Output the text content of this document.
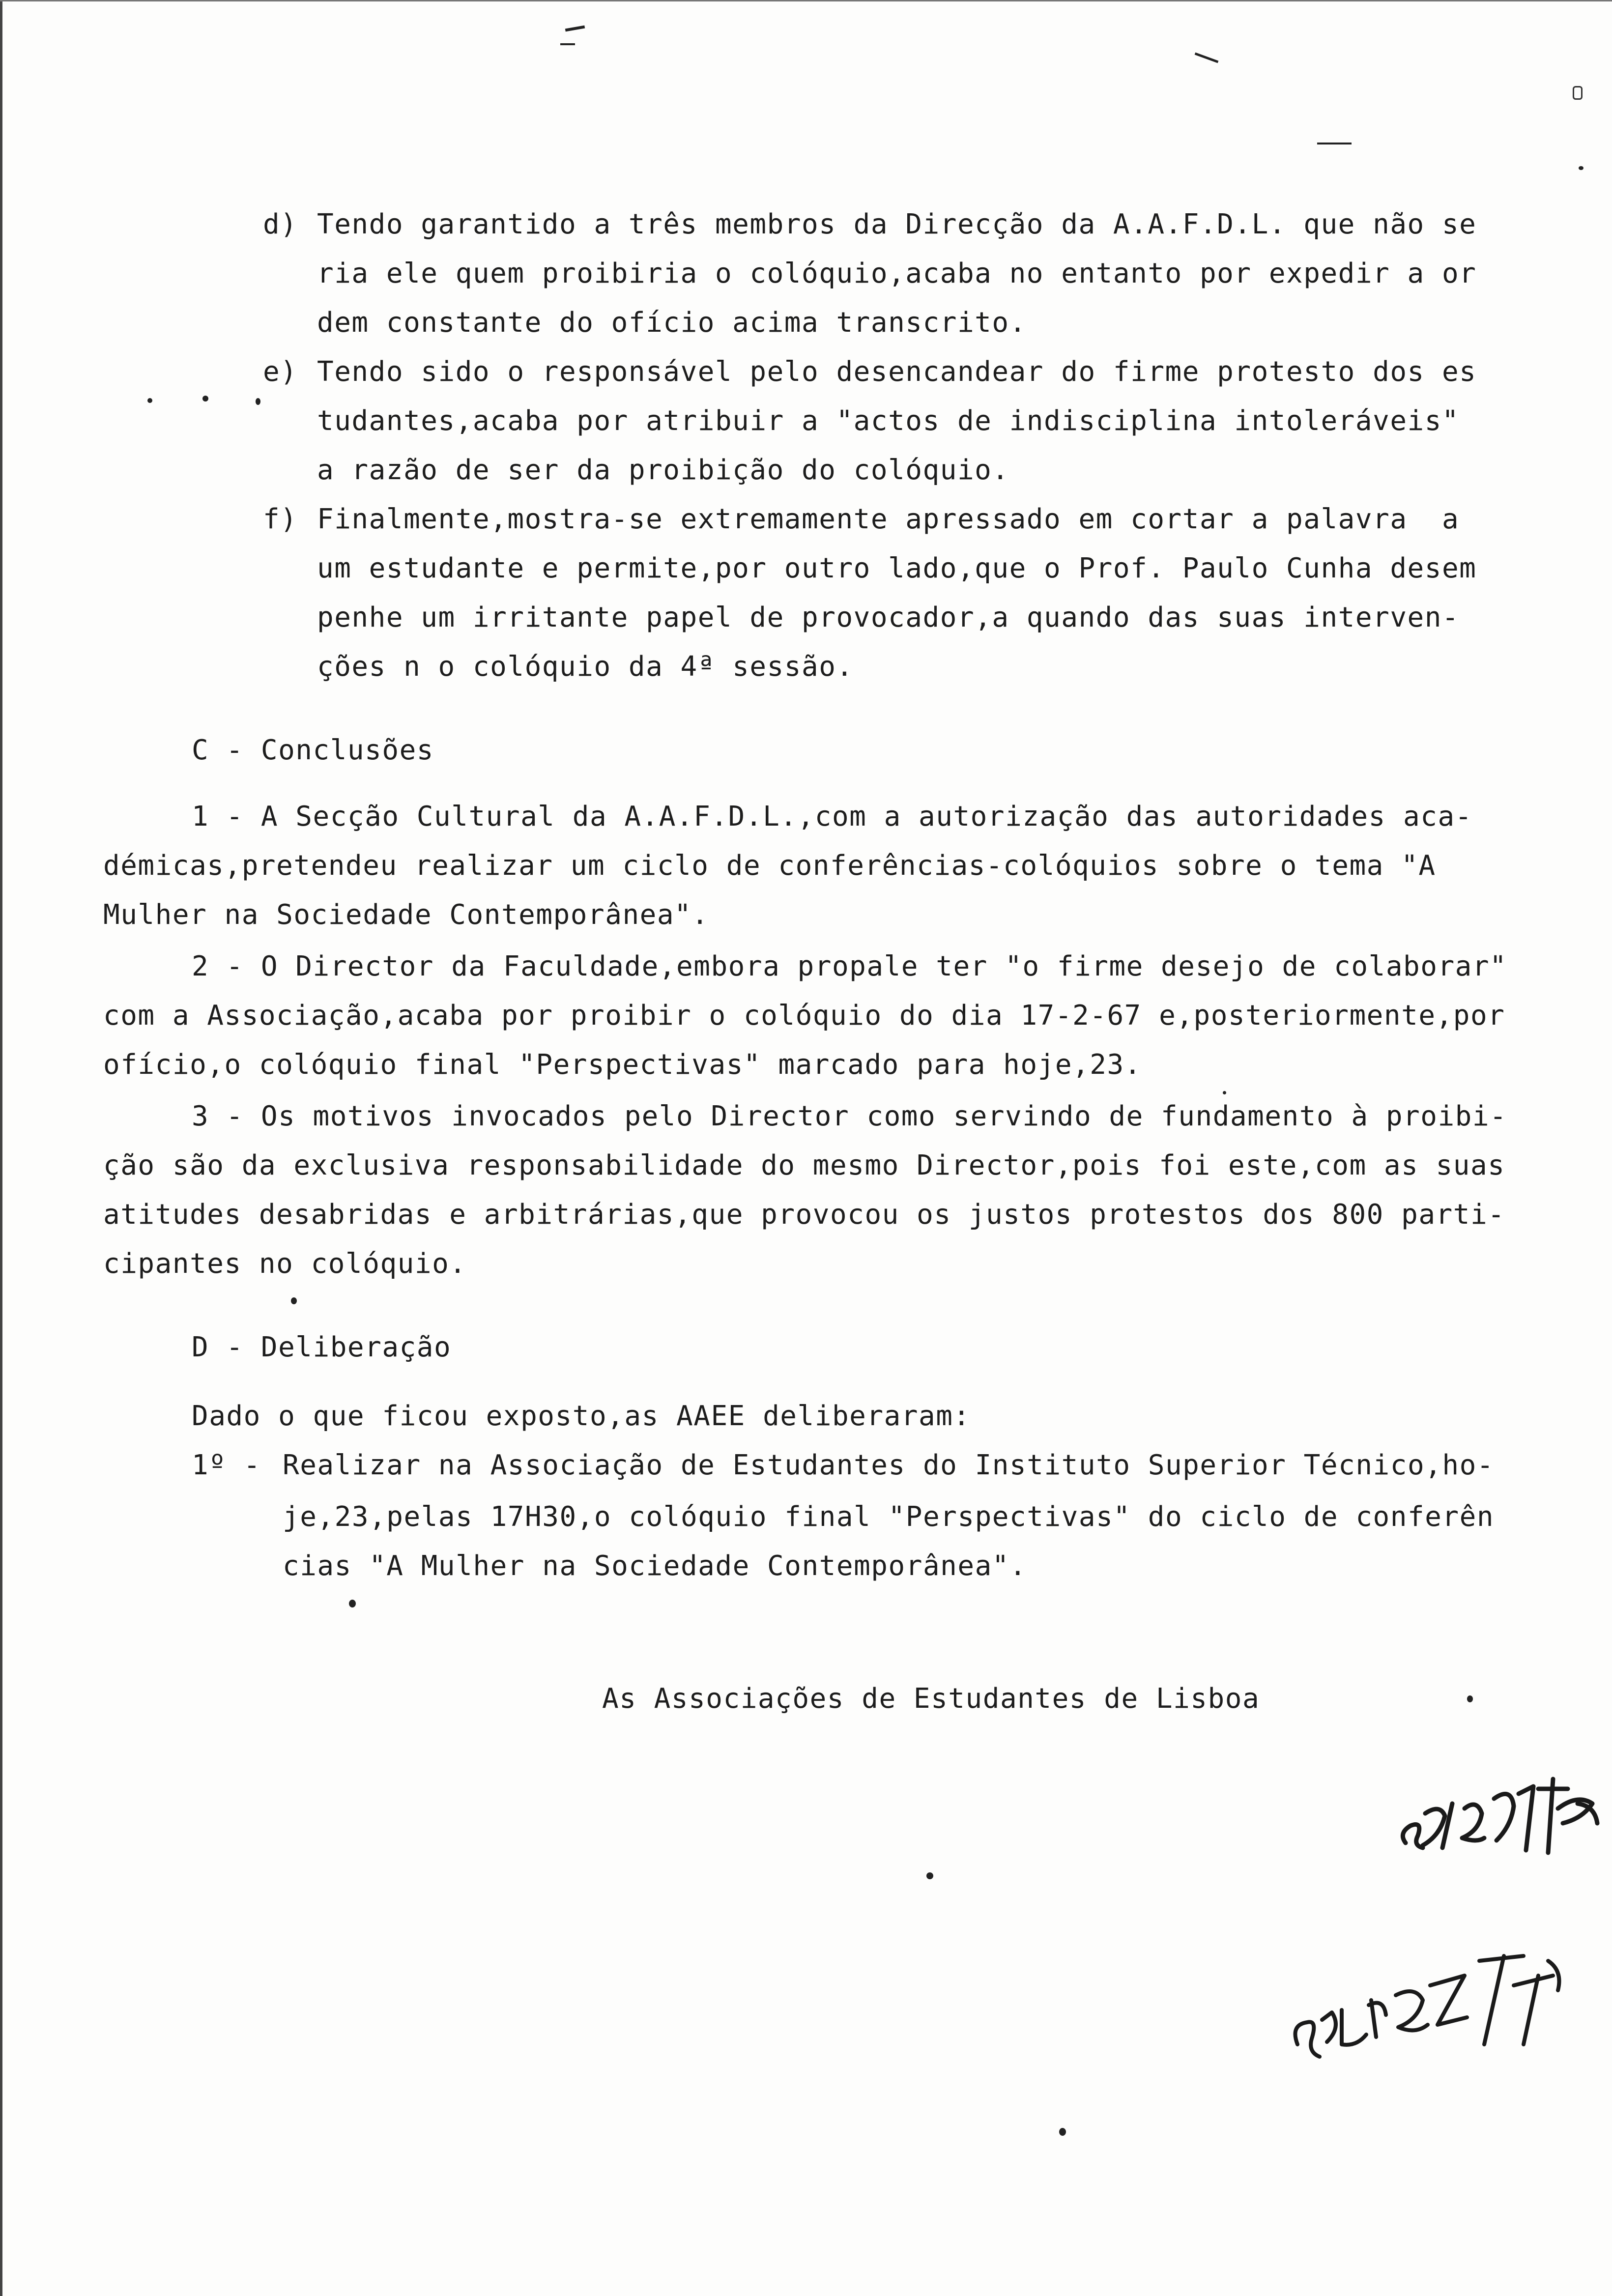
d) Tendo garantido a três membros da Direcção da A.A.F.D.L. que não se
ria ele quem proibiria o colóquio,acaba no entanto por expedir a or
dem constante do ofício acima transcrito.
e) Tendo sido o responsável pelo desencandear do firme protesto dos es
tudantes,acaba por atribuir a "actos de indisciplina intoleráveis"
a razão de ser da proibição do colóquio.
f) Finalmente,mostra-se extremamente apressado em cortar a palavra  a
um estudante e permite,por outro lado,que o Prof. Paulo Cunha desem
penhe um irritante papel de provocador,a quando das suas interven-
ções n o colóquio da 4ª sessão.
C - Conclusões
1 - A Secção Cultural da A.A.F.D.L.,com a autorização das autoridades aca-
démicas,pretendeu realizar um ciclo de conferências-colóquios sobre o tema "A
Mulher na Sociedade Contemporânea".
2 - O Director da Faculdade,embora propale ter "o firme desejo de colaborar"
com a Associação,acaba por proibir o colóquio do dia 17-2-67 e,posteriormente,por
ofício,o colóquio final "Perspectivas" marcado para hoje,23.
3 - Os motivos invocados pelo Director como servindo de fundamento à proibi-
ção são da exclusiva responsabilidade do mesmo Director,pois foi este,com as suas
atitudes desabridas e arbitrárias,que provocou os justos protestos dos 800 parti-
cipantes no colóquio.
D - Deliberação
Dado o que ficou exposto,as AAEE deliberaram:
1º - Realizar na Associação de Estudantes do Instituto Superior Técnico,ho-
je,23,pelas 17H30,o colóquio final "Perspectivas" do ciclo de conferên
cias "A Mulher na Sociedade Contemporânea".
As Associações de Estudantes de Lisboa
